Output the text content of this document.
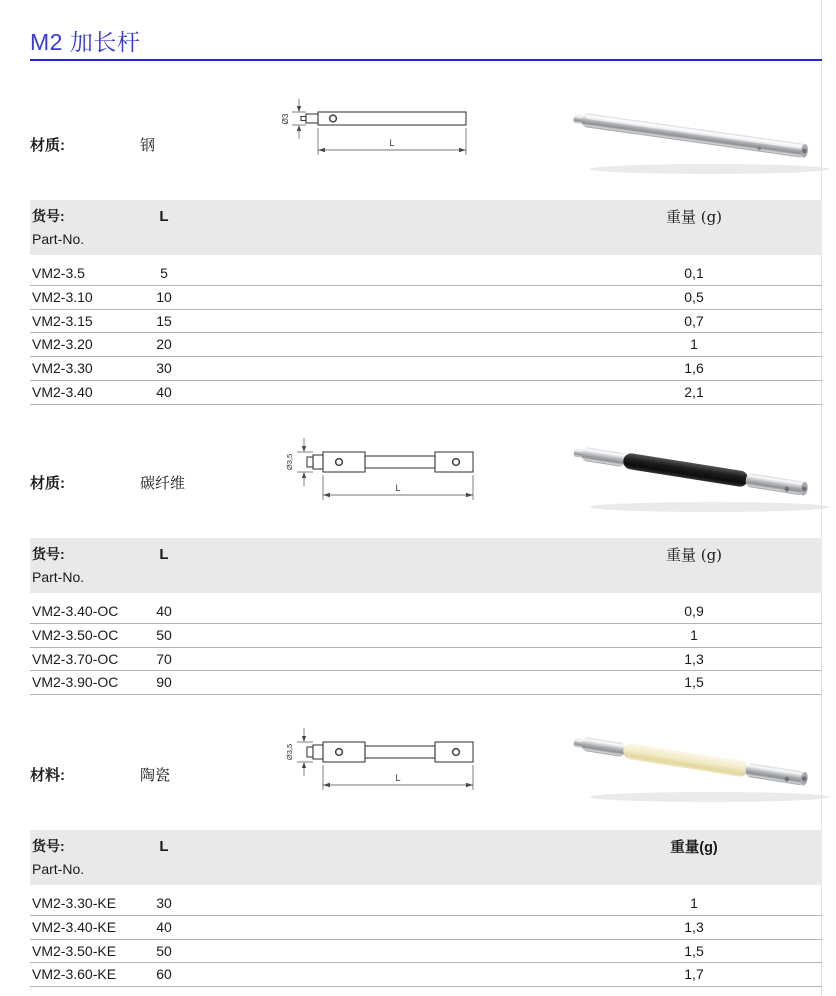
M2 加长杆
材质:	钢
Ø3
L
货号:
Part-No.
L	重量 (g)
VM2-3.5	5	0,1
VM2-3.10	10	0,5
VM2-3.15	15	0,7
VM2-3.20	20	1
VM2-3.30	30	1,6
VM2-3.40	40	2,1
材质:	碳纤维
Ø3,5
L
货号:
Part-No.
L	重量 (g)
VM2-3.40-OC	40	0,9
VM2-3.50-OC	50	1
VM2-3.70-OC	70	1,3
VM2-3.90-OC	90	1,5
材料:	陶瓷
Ø3,5
L
货号:
Part-No.
L	重量(g)
VM2-3.30-KE	30	1
VM2-3.40-KE	40	1,3
VM2-3.50-KE	50	1,5
VM2-3.60-KE	60	1,7
